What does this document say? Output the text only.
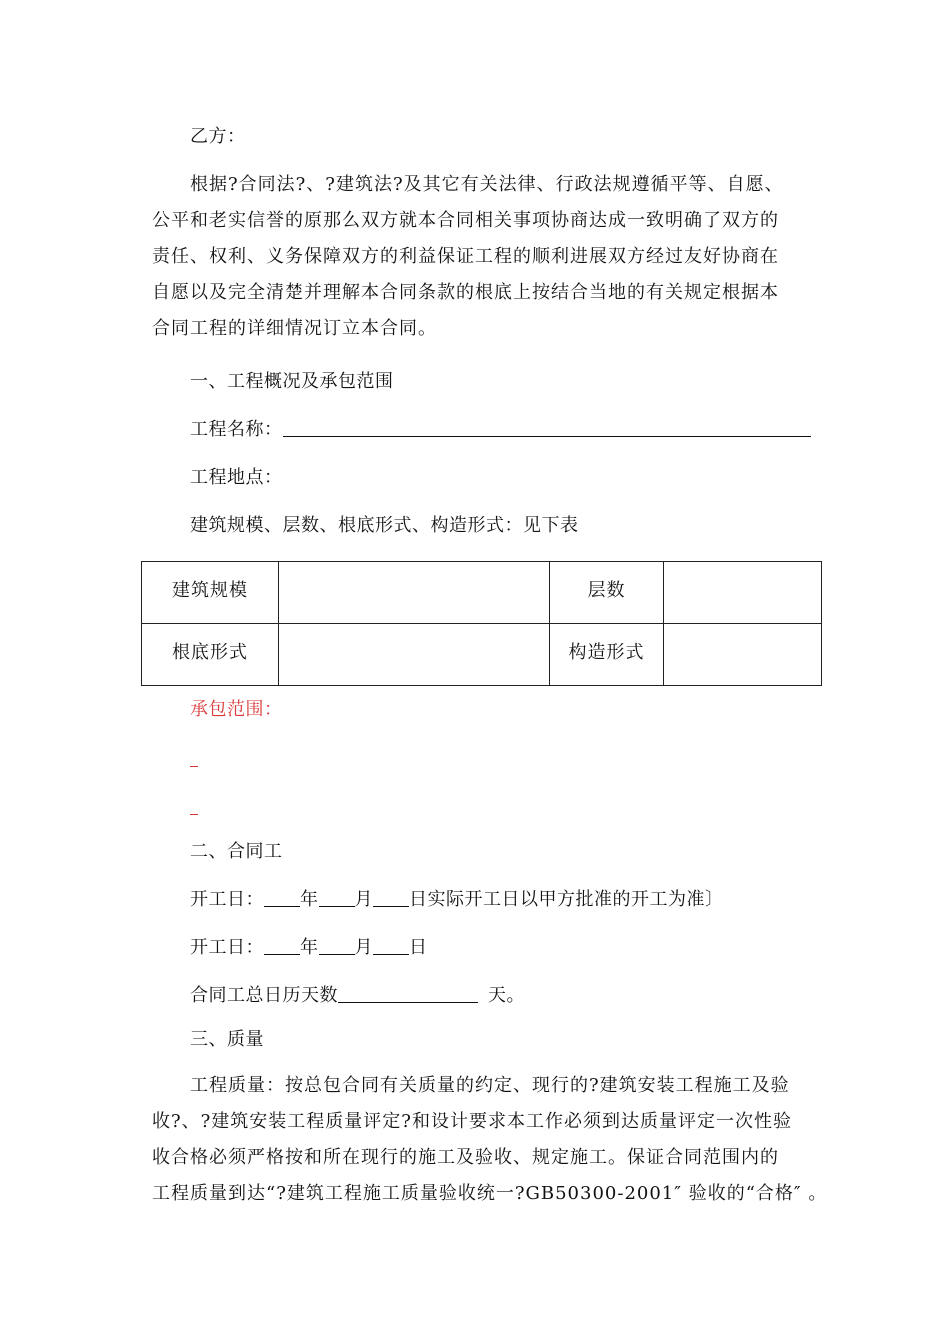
乙方：
根据?合同法?、?建筑法?及其它有关法律、行政法规遵循平等、自愿、
公平和老实信誉的原那么双方就本合同相关事项协商达成一致明确了双方的
责任、权利、义务保障双方的利益保证工程的顺利进展双方经过友好协商在
自愿以及完全清楚并理解本合同条款的根底上按结合当地的有关规定根据本
合同工程的详细情况订立本合同。
一、工程概况及承包范围
工程名称：
工程地点：
建筑规模、层数、根底形式、构造形式：见下表
建筑规模		层数	
根底形式		构造形式	
承包范围：
二、合同工
开工日： 年 月 日实际开工日以甲方批准的开工为准〕
开工日： 年 月 日
合同工总日历天数	天。
三、质量
工程质量：按总包合同有关质量的约定、现行的?建筑安装工程施工及验
收?、?建筑安装工程质量评定?和设计要求本工作必须到达质量评定一次性验
收合格必须严格按和所在现行的施工及验收、规定施工。保证合同范围内的
工程质量到达“?建筑工程施工质量验收统一?GB50300-2001″ 验收的“合格″ 。
